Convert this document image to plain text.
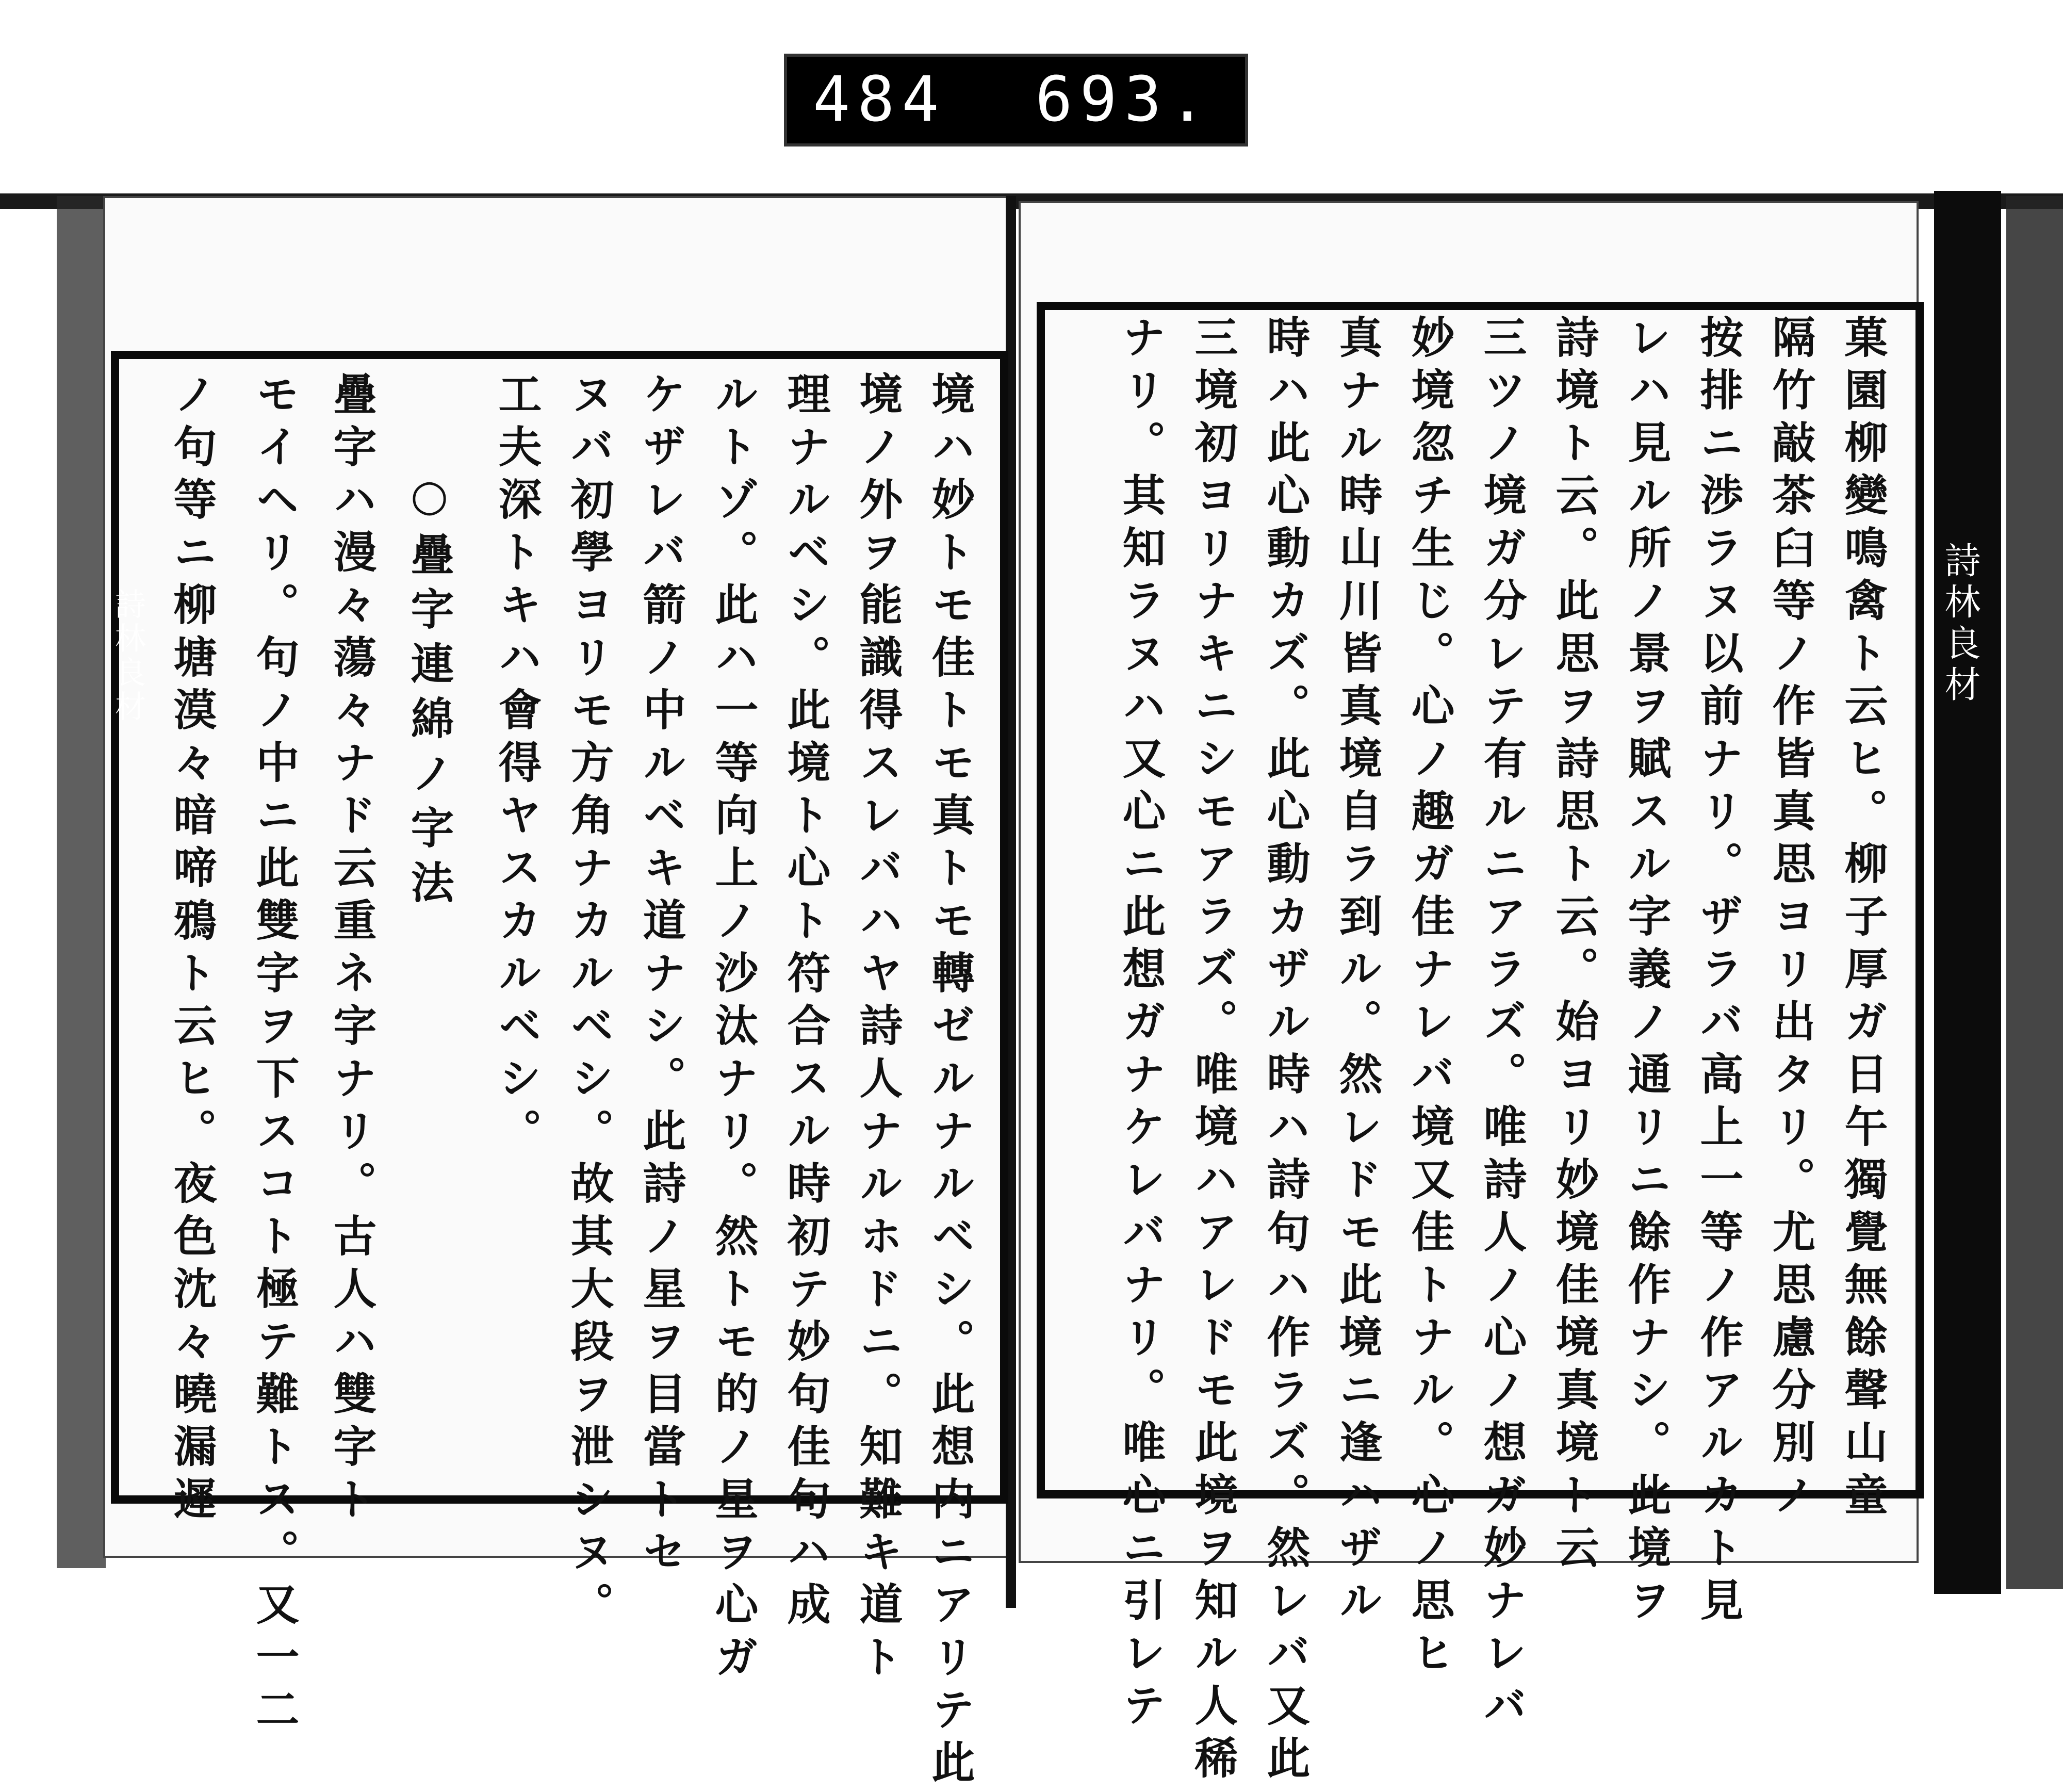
484  693.
詩林良材
詩林良材	菓園柳變鳴禽ト云ヒ。柳子厚ガ日午獨覺無餘聲山童
隔竹敲茶臼等ノ作皆真思ヨリ出タリ。尤思慮分別ノ
按排ニ渉ラヌ以前ナリ。ザラバ高上一等ノ作アルカト見
レハ見ル所ノ景ヲ賦スル字義ノ通リニ餘作ナシ。此境ヲ
詩境ト云。此思ヲ詩思ト云。始ヨリ妙境佳境真境ト云
三ツノ境ガ分レテ有ルニアラズ。唯詩人ノ心ノ想ガ妙ナレバ
妙境忽チ生じ。心ノ趣ガ佳ナレバ境又佳トナル。心ノ思ヒ
真ナル時山川皆真境自ラ到ル。然レドモ此境ニ逢ハザル
時ハ此心動カズ。此心動カザル時ハ詩句ハ作ラズ。然レバ又此
三境初ヨリナキニシモアラズ。唯境ハアレドモ此境ヲ知ル人稀
ナリ。其知ラヌハ又心ニ此想ガナケレバナリ。唯心ニ引レテ
境ハ妙トモ佳トモ真トモ轉ゼルナルベシ。此想内ニアリテ此
境ノ外ヲ能識得スレバハヤ詩人ナルホドニ。知難キ道ト
理ナルベシ。此境ト心ト符合スル時初テ妙句佳句ハ成
ルトゾ。此ハ一等向上ノ沙汰ナリ。然トモ的ノ星ヲ心ガ
ケザレバ箭ノ中ルベキ道ナシ。此詩ノ星ヲ目當トセ
ヌバ初學ヨリモ方角ナカルベシ。故其大段ヲ泄シヌ。
工夫深トキハ會得ヤスカルベシ。
○疊字連綿ノ字法
疊字ハ漫々蕩々ナド云重ネ字ナリ。古人ハ雙字ト
モイヘリ。句ノ中ニ此雙字ヲ下スコト極テ難トス。又一二
ノ句等ニ柳塘漠々暗啼鴉ト云ヒ。夜色沈々曉漏遲
